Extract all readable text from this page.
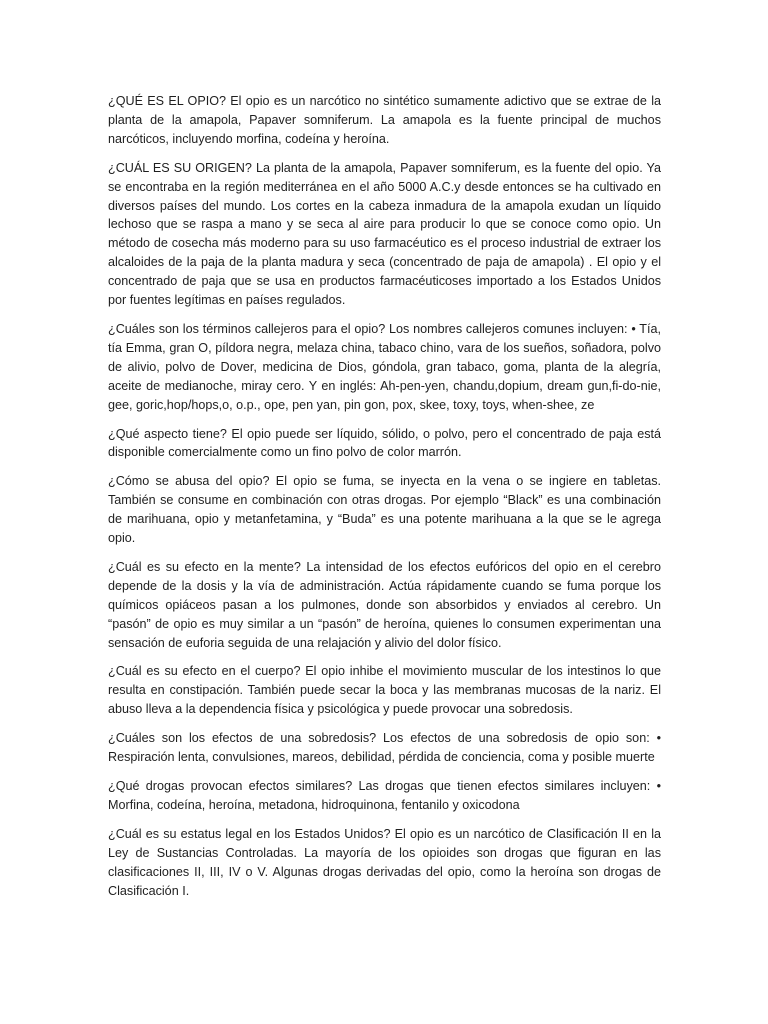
¿QUÉ ES EL OPIO? El opio es un narcótico no sintético sumamente adictivo que se extrae de la planta de la amapola, Papaver somniferum. La amapola es la fuente principal de muchos narcóticos, incluyendo morfina, codeína y heroína.

¿CUÁL ES SU ORIGEN? La planta de la amapola, Papaver somniferum, es la fuente del opio. Ya se encontraba en la región mediterránea en el año 5000 A.C.y desde entonces se ha cultivado en diversos países del mundo. Los cortes en la cabeza inmadura de la amapola exudan un líquido lechoso que se raspa a mano y se seca al aire para producir lo que se conoce como opio. Un método de cosecha más moderno para su uso farmacéutico es el proceso industrial de extraer los alcaloides de la paja de la planta madura y seca (concentrado de paja de amapola) . El opio y el concentrado de paja que se usa en productos farmacéuticoses importado a los Estados Unidos por fuentes legítimas en países regulados.

¿Cuáles son los términos callejeros para el opio? Los nombres callejeros comunes incluyen: • Tía, tía Emma, gran O, píldora negra, melaza china, tabaco chino, vara de los sueños, soñadora, polvo de alivio, polvo de Dover, medicina de Dios, góndola, gran tabaco, goma, planta de la alegría, aceite de medianoche, miray cero. Y en inglés: Ah-pen-yen, chandu,dopium, dream gun,fi-do-nie, gee, goric,hop/hops,o, o.p., ope, pen yan, pin gon, pox, skee, toxy, toys, when-shee, ze

¿Qué aspecto tiene? El opio puede ser líquido, sólido, o polvo, pero el concentrado de paja está disponible comercialmente como un fino polvo de color marrón.

¿Cómo se abusa del opio? El opio se fuma, se inyecta en la vena o se ingiere en tabletas. También se consume en combinación con otras drogas. Por ejemplo “Black” es una combinación de marihuana, opio y metanfetamina, y “Buda” es una potente marihuana a la que se le agrega opio.

¿Cuál es su efecto en la mente? La intensidad de los efectos eufóricos del opio en el cerebro depende de la dosis y la vía de administración. Actúa rápidamente cuando se fuma porque los químicos opiáceos pasan a los pulmones, donde son absorbidos y enviados al cerebro. Un “pasón” de opio es muy similar a un “pasón” de heroína, quienes lo consumen experimentan una sensación de euforia seguida de una relajación y alivio del dolor físico.

¿Cuál es su efecto en el cuerpo? El opio inhibe el movimiento muscular de los intestinos lo que resulta en constipación. También puede secar la boca y las membranas mucosas de la nariz. El abuso lleva a la dependencia física y psicológica y puede provocar una sobredosis.

¿Cuáles son los efectos de una sobredosis? Los efectos de una sobredosis de opio son: • Respiración lenta, convulsiones, mareos, debilidad, pérdida de conciencia, coma y posible muerte

¿Qué drogas provocan efectos similares? Las drogas que tienen efectos similares incluyen: • Morfina, codeína, heroína, metadona, hidroquinona, fentanilo y oxicodona

¿Cuál es su estatus legal en los Estados Unidos? El opio es un narcótico de Clasificación II en la Ley de Sustancias Controladas. La mayoría de los opioides son drogas que figuran en las clasificaciones II, III, IV o V. Algunas drogas derivadas del opio, como la heroína son drogas de Clasificación I.
